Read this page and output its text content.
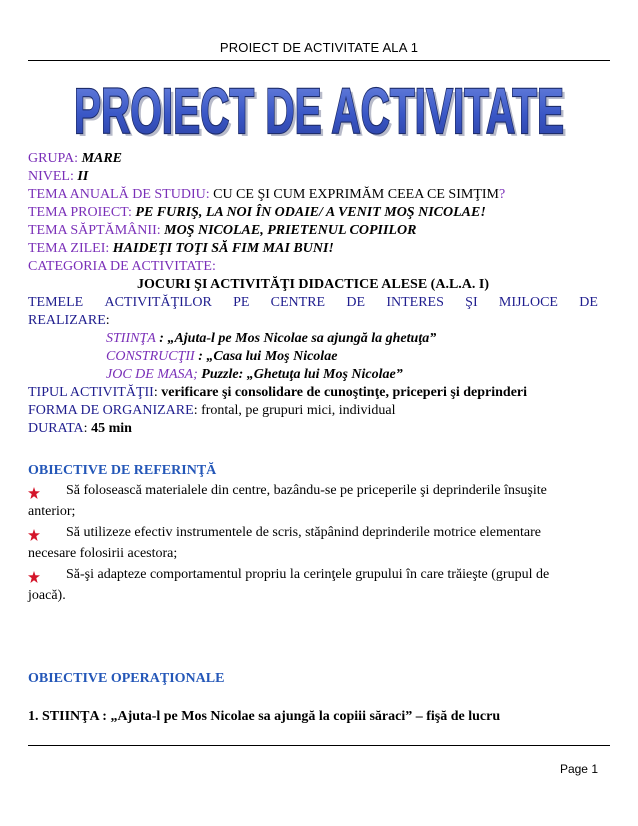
PROIECT DE ACTIVITATE ALA 1
PROIECT DE ACTIVITATE
PROIECT DE ACTIVITATE
GRUPA: MARE
NIVEL: II
TEMA ANUALĂ DE STUDIU: CU CE ŞI CUM EXPRIMĂM CEEA CE SIMŢIM?
TEMA PROIECT: PE FURIŞ, LA NOI ÎN ODAIE/ A VENIT MOŞ NICOLAE!
TEMA SĂPTĂMÂNII: MOŞ NICOLAE, PRIETENUL COPIILOR
TEMA ZILEI: HAIDEŢI TOŢI SĂ FIM MAI BUNI!
CATEGORIA DE ACTIVITATE:
JOCURI ŞI ACTIVITĂŢI DIDACTICE ALESE (A.L.A. I)
TEMELE ACTIVITĂŢILOR PE CENTRE DE INTERES ŞI MIJLOCE DE
REALIZARE:
STIINŢA : „Ajuta-l pe Mos Nicolae sa ajungă la ghetuţa”
CONSTRUCŢII : „Casa lui Moş Nicolae
JOC DE MASA; Puzzle: „Ghetuţa lui Moş Nicolae”
TIPUL ACTIVITĂŢII: verificare şi consolidare de cunoştinţe, priceperi şi deprinderi
FORMA DE ORGANIZARE: frontal, pe grupuri mici, individual
DURATA: 45 min
OBIECTIVE DE REFERINŢĂ
Să folosească materialele din centre, bazându-se pe priceperile şi deprinderile însuşite
anterior;
Să utilizeze efectiv instrumentele de scris, stăpânind deprinderile motrice elementare
necesare folosirii acestora;
Să-şi adapteze comportamentul propriu la cerinţele grupului în care trăieşte (grupul de
joacă).
OBIECTIVE OPERAŢIONALE
1. STIINŢA : „Ajuta-l pe Mos Nicolae sa ajungă la copiii săraci” – fişă de lucru
Page 1
